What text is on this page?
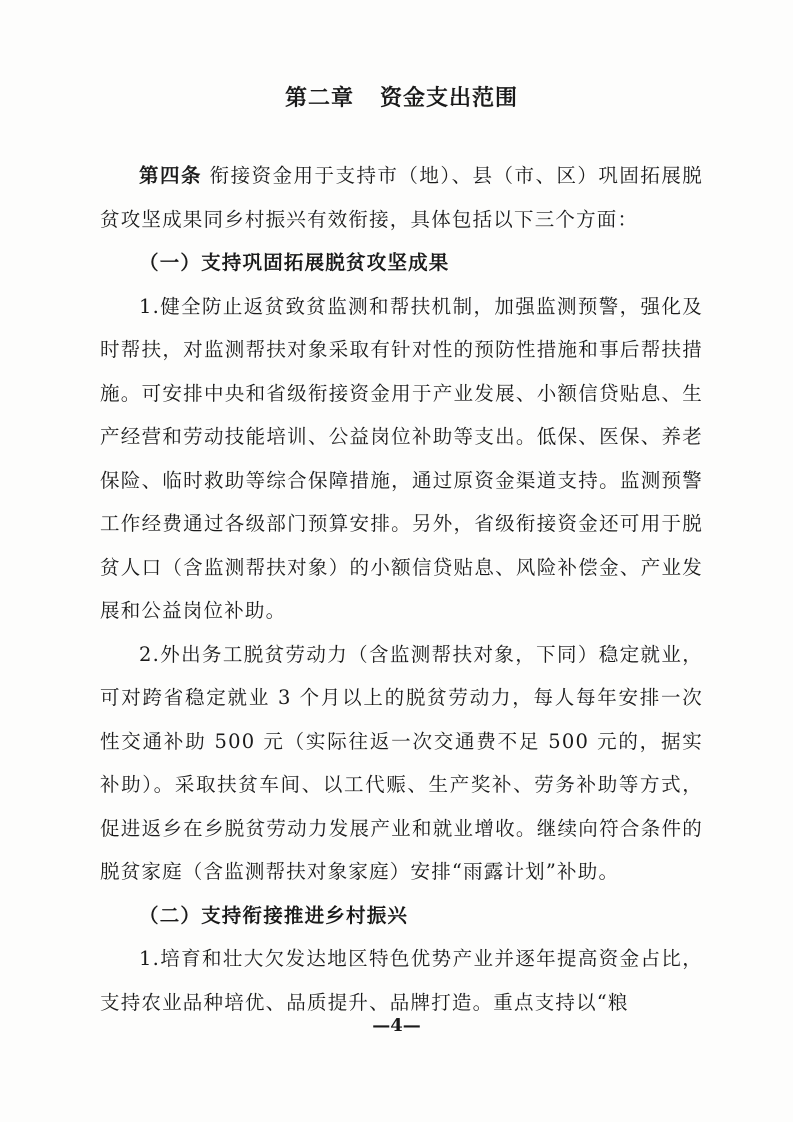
第二章 资金支出范围

第四条 衔接资金用于支持市（地）、县（市、区）巩固拓展脱贫攻坚成果同乡村振兴有效衔接，具体包括以下三个方面：

（一）支持巩固拓展脱贫攻坚成果

1.健全防止返贫致贫监测和帮扶机制，加强监测预警，强化及时帮扶，对监测帮扶对象采取有针对性的预防性措施和事后帮扶措施。可安排中央和省级衔接资金用于产业发展、小额信贷贴息、生产经营和劳动技能培训、公益岗位补助等支出。低保、医保、养老保险、临时救助等综合保障措施，通过原资金渠道支持。监测预警工作经费通过各级部门预算安排。另外，省级衔接资金还可用于脱贫人口（含监测帮扶对象）的小额信贷贴息、风险补偿金、产业发展和公益岗位补助。

2.外出务工脱贫劳动力（含监测帮扶对象，下同）稳定就业，可对跨省稳定就业 3 个月以上的脱贫劳动力，每人每年安排一次性交通补助 500 元（实际往返一次交通费不足 500 元的，据实补助）。采取扶贫车间、以工代赈、生产奖补、劳务补助等方式，促进返乡在乡脱贫劳动力发展产业和就业增收。继续向符合条件的脱贫家庭（含监测帮扶对象家庭）安排“雨露计划”补助。

（二）支持衔接推进乡村振兴

1.培育和壮大欠发达地区特色优势产业并逐年提高资金占比，支持农业品种培优、品质提升、品牌打造。重点支持以“粮

—4—
